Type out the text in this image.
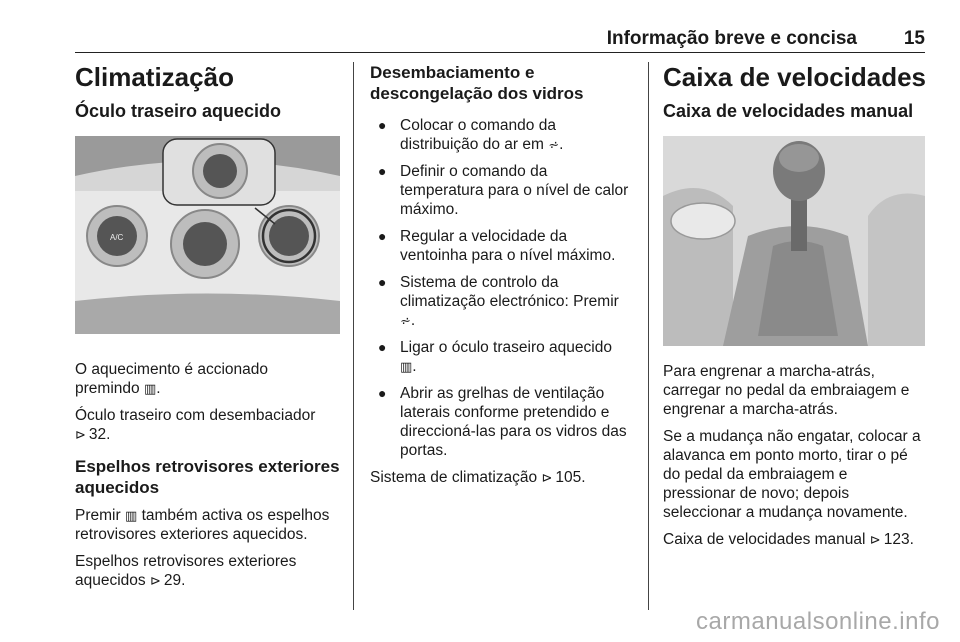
Informação breve e concisa 15

Climatização

Óculo traseiro aquecido

A/C

O aquecimento é accionado
premindo ▥.

Óculo traseiro com desembaciador
⊳ 32.

Espelhos retrovisores exteriores
aquecidos

Premir ▥ também activa os espelhos
retrovisores exteriores aquecidos.

Espelhos retrovisores exteriores
aquecidos ⊳ 29.

Desembaciamento e
descongelação dos vidros

● Colocar o comando da
distribuição do ar em ⩫.
● Definir o comando da
temperatura para o nível de calor
máximo.
● Regular a velocidade da
ventoinha para o nível máximo.
● Sistema de controlo da
climatização electrónico: Premir
⩫.
● Ligar o óculo traseiro aquecido
▥.
● Abrir as grelhas de ventilação
laterais conforme pretendido e
direccioná-las para os vidros das
portas.

Sistema de climatização ⊳ 105.

Caixa de velocidades

Caixa de velocidades manual

Para engrenar a marcha-atrás,
carregar no pedal da embraiagem e
engrenar a marcha-atrás.

Se a mudança não engatar, colocar a
alavanca em ponto morto, tirar o pé
do pedal da embraiagem e
pressionar de novo; depois
seleccionar a mudança novamente.

Caixa de velocidades manual ⊳ 123.

carmanualsonline.info
